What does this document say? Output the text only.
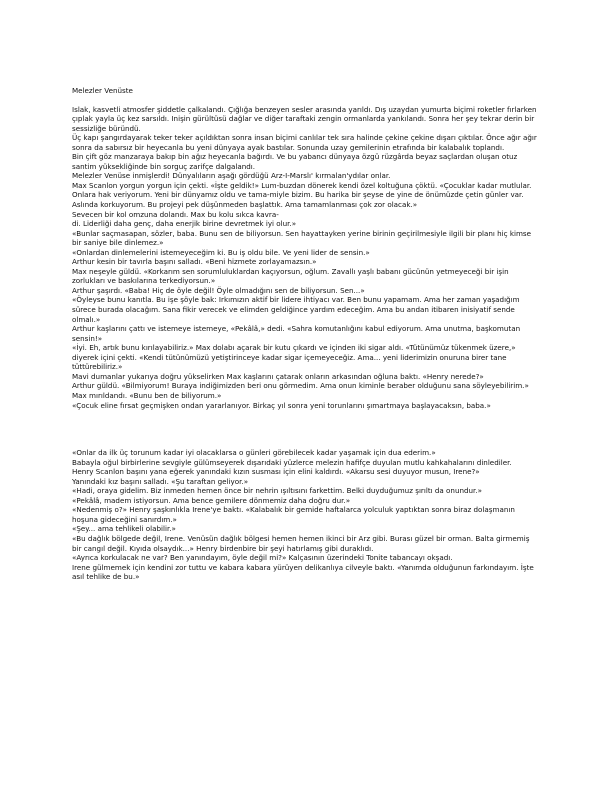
Melezler Venüste

Islak, kasvetli atmosfer şiddetle çalkalandı. Çığlığa benzeyen sesler arasında yarıldı. Dış uzaydan yumurta biçimi roketler fırlarken çıplak yayla üç kez sarsıldı. Inişin gürültüsü dağlar ve diğer taraftaki zengin ormanlarda yankılandı. Sonra her şey tekrar derin bir sessizliğe büründü.

Üç kapı şangırdayarak teker teker açıldıktan sonra insan biçimi canlılar tek sıra halinde çekine çekine dışarı çıktılar. Önce ağır ağır sonra da sabırsız bir heyecanla bu yeni dünyaya ayak bastılar. Sonunda uzay gemilerinin etrafında bir kalabalık toplandı.

Bin çift göz manzaraya bakıp bin ağız heyecanla bağırdı. Ve bu yabancı dünyaya özgü rüzgârda beyaz saçlardan oluşan otuz santim yüksekliğinde bin sorguç zarifçe dalgalandı.

Melezler Venüse inmişlerdi! Dünyalıların aşağı gördüğü Arz-I-Marslı' kırmalan'ydılar onlar.

Max Scanlon yorgun yorgun için çekti. «İşte geldik!» Lum-buzdan dönerek kendi özel koltuğuna çöktü. «Çocuklar kadar mutlular. Onlara hak veriyorum. Yeni bir dünyamız oldu ve tama-miyle bizim. Bu harika bir şeyse de yine de önümüzde çetin günler var. Aslında korkuyorum. Bu projeyi pek düşünmeden başlattık. Ama tamamlanması çok zor olacak.»

Sevecen bir kol omzuna dolandı. Max bu kolu sıkca kavra-

di. Liderliği daha genç, daha enerjik birine devretmek iyi olur.»

«Bunlar saçmasapan, sözler, baba. Bunu sen de biliyorsun. Sen hayattayken yerine birinin geçirilmesiyle ilgili bir planı hiç kimse bir saniye bile dinlemez.»

«Onlardan dinlemelerini istemeyeceğim ki. Bu iş oldu bile. Ve yeni lider de sensin.»

Arthur kesin bir tavırla başını salladı. «Beni hizmete zorlayamazsın.»

Max neşeyle güldü. «Korkarım sen sorumluluklardan kaçıyorsun, oğlum. Zavallı yaşlı babanı gücünün yetmeyeceği bir işin zorlukları ve baskılarına terkediyorsun.»

Arthur şaşırdı. «Baba! Hiç de öyle değil! Öyle olmadığını sen de biliyorsun. Sen...»

«Öyleyse bunu kanıtla. Bu işe şöyle bak: Irkımızın aktif bir lidere ihtiyacı var. Ben bunu yapamam. Ama her zaman yaşadığım sürece burada olacağım. Sana fikir verecek ve elimden geldiğince yardım edeceğim. Ama bu andan itibaren inisiyatif sende olmalı.»

Arthur kaşlarını çattı ve istemeye istemeye, «Pekâlâ,» dedi. «Sahra komutanlığını kabul ediyorum. Ama unutma, başkomutan sensin!»

«İyi. Eh, artık bunu kırılayabiliriz.» Max dolabı açarak bir kutu çıkardı ve içinden iki sigar aldı. «Tütünümüz tükenmek üzere,» diyerek içini çekti. «Kendi tütünümüzü yetiştirinceye kadar sigar içemeyeceğiz. Ama... yeni liderimizin onuruna birer tane tüttürebiliriz.»

Mavi dumanlar yukarıya doğru yükselirken Max kaşlarını çatarak onların arkasından oğluna baktı. «Henry nerede?»

Arthur güldü. «Bilmiyorum! Buraya indiğimizden beri onu görmedim. Ama onun kiminle beraber olduğunu sana söyleyebilirim.»

Max mırıldandı. «Bunu ben de biliyorum.»

«Çocuk eline fırsat geçmişken ondan yararlanıyor. Birkaç yıl sonra yeni torunlarını şımartmaya başlayacaksın, baba.»

«Onlar da ilk üç torunum kadar iyi olacaklarsa o günleri görebilecek kadar yaşamak için dua ederim.»

Babayla oğul birbirlerine sevgiyle gülümseyerek dışarıdaki yüzlerce melezin hafifçe duyulan mutlu kahkahalarını dinlediler.

Henry Scanlon başını yana eğerek yanındaki kızın susması için elini kaldırdı. «Akarsu sesi duyuyor musun, Irene?»

Yanındaki kız başını salladı. «Şu taraftan geliyor.»

«Hadi, oraya gidelim. Biz inmeden hemen önce bir nehrin ışıltısını farkettim. Belki duyduğumuz şırıltı da onundur.»

«Pekâlâ, madem istiyorsun. Ama bence gemilere dönmemiz daha doğru dur.»

«Nedenmiş o?» Henry şaşkınlıkla Irene'ye baktı. «Kalabalık bir gemide haftalarca yolculuk yaptıktan sonra biraz dolaşmanın hoşuna gideceğini sanırdım.»

«Şey... ama tehlikeli olabilir.»

«Bu dağlık bölgede değil, Irene. Venüsün dağlık bölgesi hemen hemen ikinci bir Arz gibi. Burası güzel bir orman. Balta girmemiş bir cangıl değil. Kıyıda olsaydık...» Henry birdenbire bir şeyi hatırlamış gibi duraklıdı.

«Ayrıca korkulacak ne var? Ben yanındayım, öyle değil mi?» Kalçasının üzerindeki Tonite tabancayı okşadı.

Irene gülmemek için kendini zor tuttu ve kabara kabara yürüyen delikanlıya cilveyle baktı. «Yanımda olduğunun farkındayım. İşte asıl tehlike de bu.»
